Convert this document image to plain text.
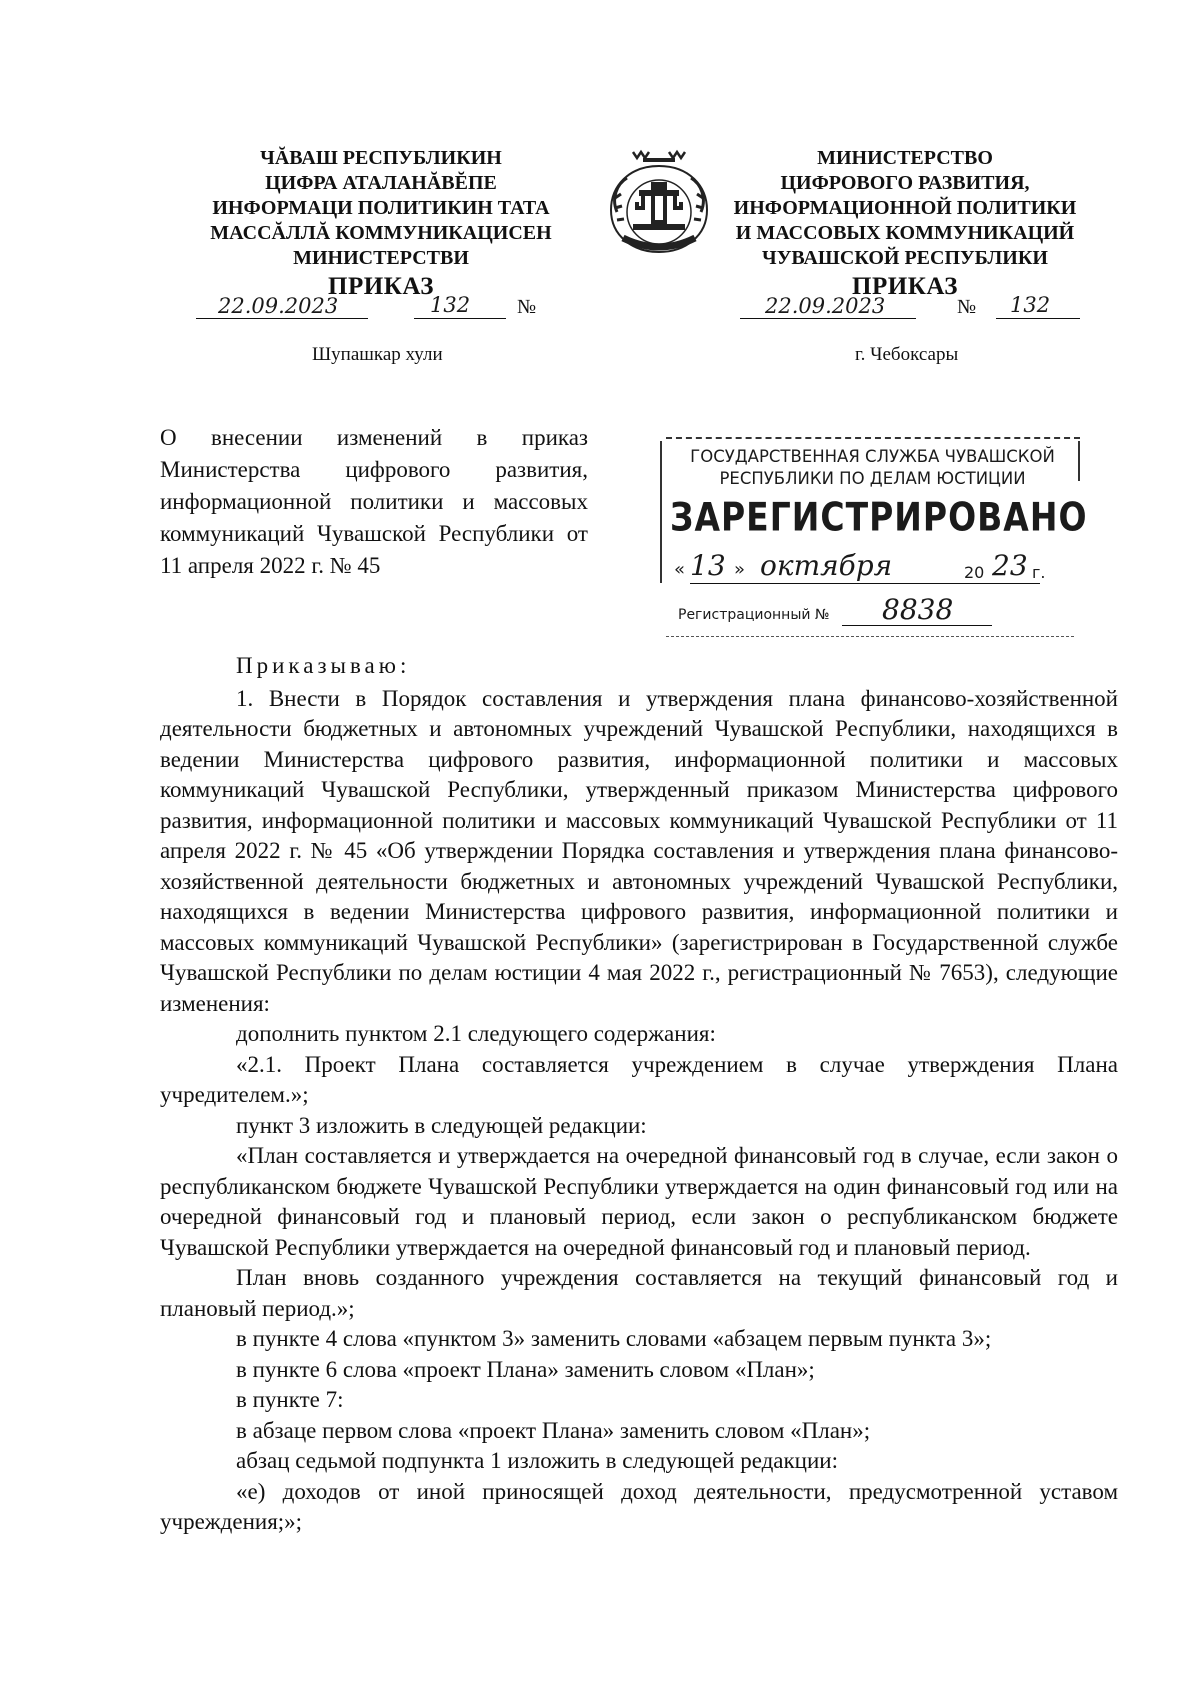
ЧĂВАШ РЕСПУБЛИКИН
ЦИФРА АТАЛАНĂВĔПЕ
ИНФОРМАЦИ ПОЛИТИКИН ТАТА
МАССĂЛЛĂ КОММУНИКАЦИСЕН
МИНИСТЕРСТВИ
ПРИКАЗ
22.09.2023	132 №
МИНИСТЕРСТВО
ЦИФРОВОГО РАЗВИТИЯ,
ИНФОРМАЦИОННОЙ ПОЛИТИКИ
И МАССОВЫХ КОММУНИКАЦИЙ
ЧУВАШСКОЙ РЕСПУБЛИКИ
ПРИКАЗ
22.09.2023	№ 132
Шупашкар хули	г. Чебоксары
О внесении изменений в приказ Министерства цифрового развития, информационной политики и массовых коммуникаций Чувашской Республики от 11 апреля 2022 г. № 45
ГОСУДАРСТВЕННАЯ СЛУЖБА ЧУВАШСКОЙ
РЕСПУБЛИКИ ПО ДЕЛАМ ЮСТИЦИИ
ЗАРЕГИСТРИРОВАНО
« 13 » октября	20 23 г.
Регистрационный № 8838

Приказываю:

1. Внести в Порядок составления и утверждения плана финансово-хозяйственной деятельности бюджетных и автономных учреждений Чувашской Республики, находящихся в ведении Министерства цифрового развития, информационной политики и массовых коммуникаций Чувашской Республики, утвержденный приказом Министерства цифрового развития, информационной политики и массовых коммуникаций Чувашской Республики от 11 апреля 2022 г. № 45 «Об утверждении Порядка составления и утверждения плана финансово-хозяйственной деятельности бюджетных и автономных учреждений Чувашской Республики, находящихся в ведении Министерства цифрового развития, информационной политики и массовых коммуникаций Чувашской Республики» (зарегистрирован в Государственной службе Чувашской Республики по делам юстиции 4 мая 2022 г., регистрационный № 7653), следующие изменения:

дополнить пунктом 2.1 следующего содержания:

«2.1. Проект Плана составляется учреждением в случае утверждения Плана учредителем.»;

пункт 3 изложить в следующей редакции:

«План составляется и утверждается на очередной финансовый год в случае, если закон о республиканском бюджете Чувашской Республики утверждается на один финансовый год или на очередной финансовый год и плановый период, если закон о республиканском бюджете Чувашской Республики утверждается на очередной финансовый год и плановый период.

План вновь созданного учреждения составляется на текущий финансовый год и плановый период.»;

в пункте 4 слова «пунктом 3» заменить словами «абзацем первым пункта 3»;

в пункте 6 слова «проект Плана» заменить словом «План»;

в пункте 7:

в абзаце первом слова «проект Плана» заменить словом «План»;

абзац седьмой подпункта 1 изложить в следующей редакции:

«е) доходов от иной приносящей доход деятельности, предусмотренной уставом учреждения;»;
